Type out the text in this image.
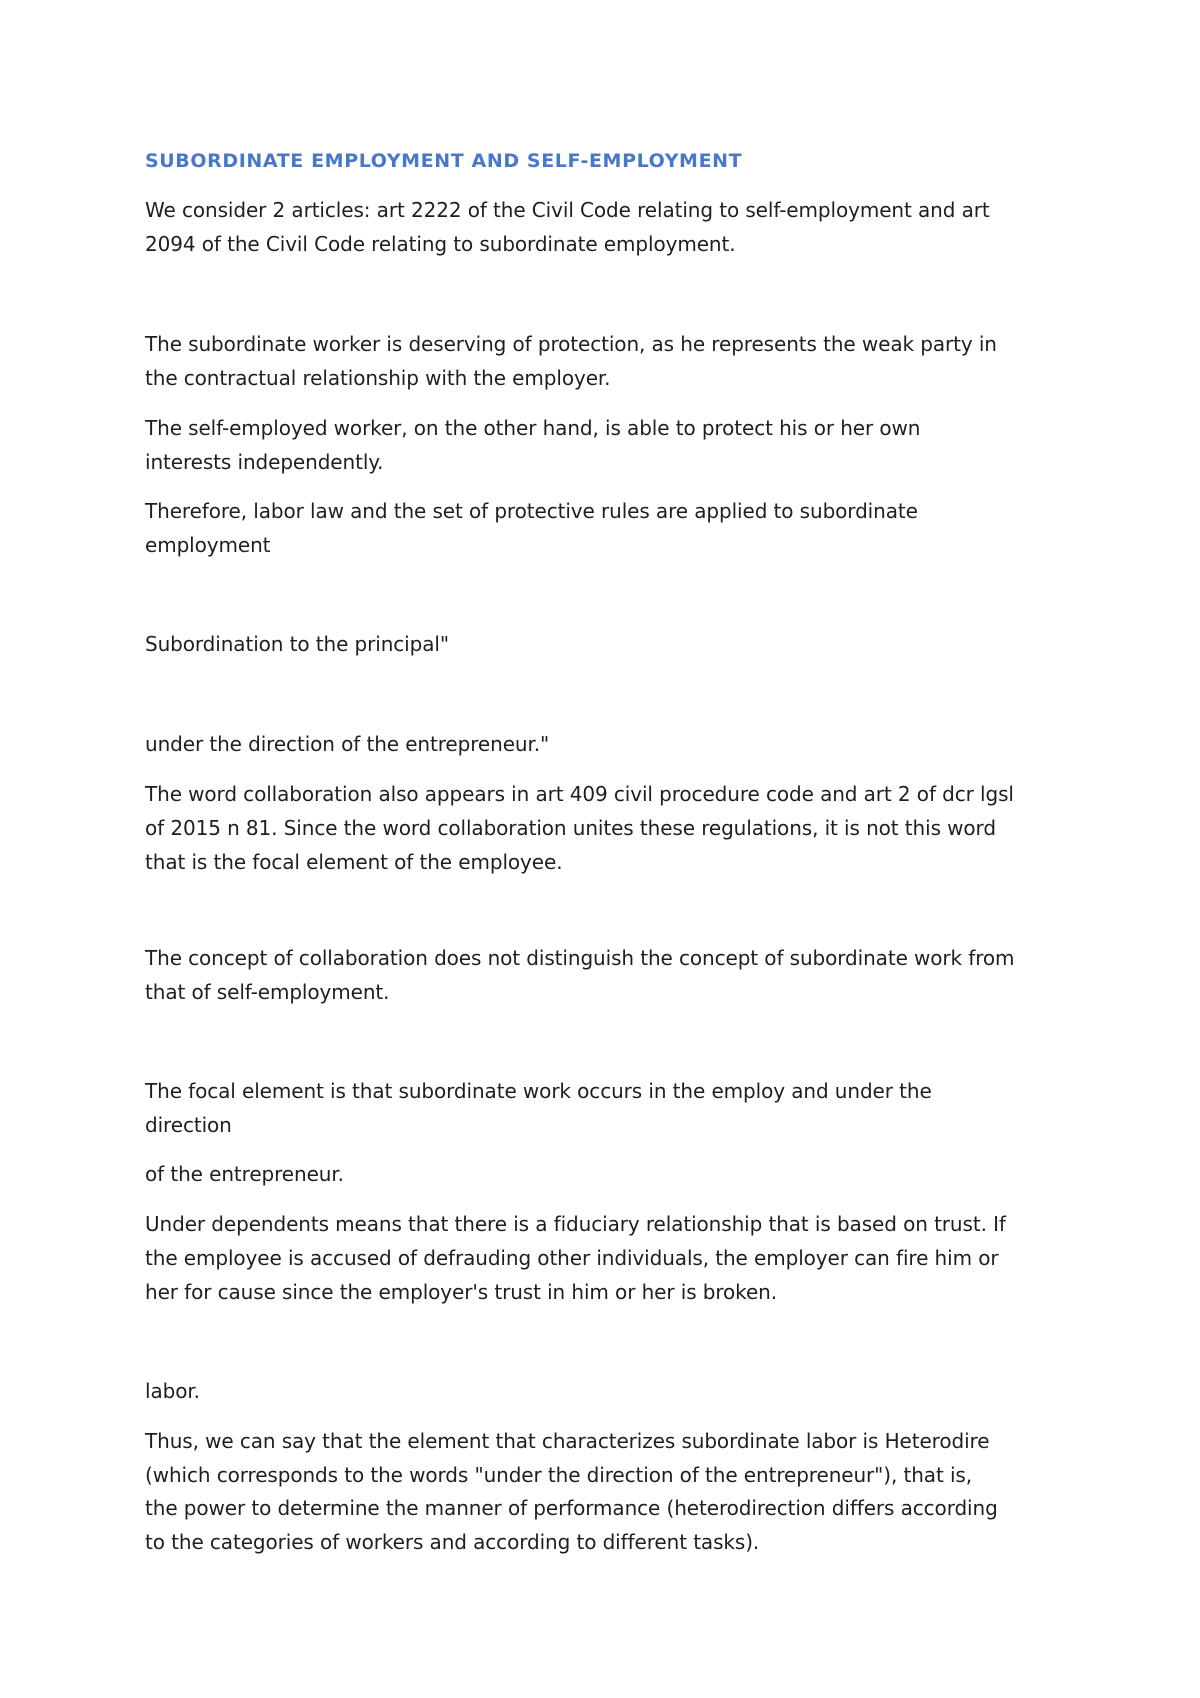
SUBORDINATE EMPLOYMENT AND SELF-EMPLOYMENT

We consider 2 articles: art 2222 of the Civil Code relating to self-employment and art

2094 of the Civil Code relating to subordinate employment.

The subordinate worker is deserving of protection, as he represents the weak party in

the contractual relationship with the employer.

The self-employed worker, on the other hand, is able to protect his or her own

interests independently.

Therefore, labor law and the set of protective rules are applied to subordinate

employment

Subordination to the principal"

under the direction of the entrepreneur."

The word collaboration also appears in art 409 civil procedure code and art 2 of dcr lgsl

of 2015 n 81. Since the word collaboration unites these regulations, it is not this word

that is the focal element of the employee.

The concept of collaboration does not distinguish the concept of subordinate work from

that of self-employment.

The focal element is that subordinate work occurs in the employ and under the

direction

of the entrepreneur.

Under dependents means that there is a fiduciary relationship that is based on trust. If

the employee is accused of defrauding other individuals, the employer can fire him or

her for cause since the employer's trust in him or her is broken.

labor.

Thus, we can say that the element that characterizes subordinate labor is Heterodire

(which corresponds to the words "under the direction of the entrepreneur"), that is,

the power to determine the manner of performance (heterodirection differs according

to the categories of workers and according to different tasks).
